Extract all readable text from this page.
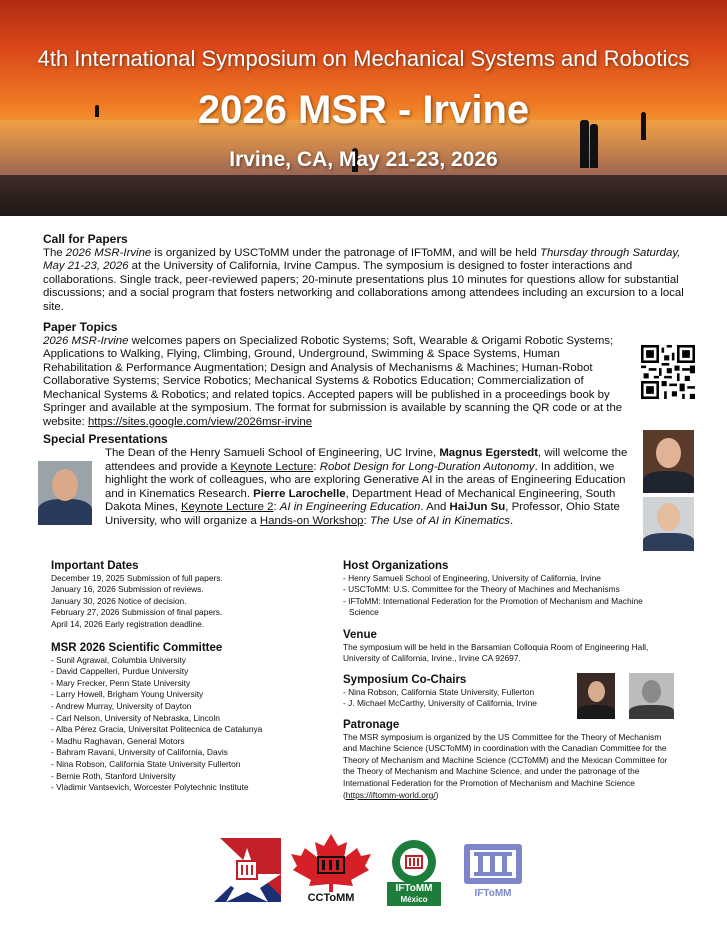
4th International Symposium on Mechanical Systems and Robotics
2026 MSR - Irvine
Irvine, CA, May 21-23, 2026
Call for Papers

The 2026 MSR-Irvine is organized by USCToMM under the patronage of IFToMM, and will be held Thursday through Saturday, May 21-23, 2026 at the University of California, Irvine Campus. The symposium is designed to foster interactions and collaborations. Single track, peer-reviewed papers; 20-minute presentations plus 10 minutes for questions allow for substantial discussions; and a social program that fosters networking and collaborations among attendees including an excursion to a local site.

Paper Topics

2026 MSR-Irvine welcomes papers on Specialized Robotic Systems; Soft, Wearable & Origami Robotic Systems; Applications to Walking, Flying, Climbing, Ground, Underground, Swimming & Space Systems, Human Rehabilitation & Performance Augmentation; Design and Analysis of Mechanisms & Machines; Human-Robot Collaborative Systems; Service Robotics; Mechanical Systems & Robotics Education; Commercialization of Mechanical Systems & Robotics; and related topics. Accepted papers will be published in a proceedings book by Springer and available at the symposium. The format for submission is available by scanning the QR code or at the website: https://sites.google.com/view/2026msr-irvine

Special Presentations

The Dean of the Henry Samueli School of Engineering, UC Irvine, Magnus Egerstedt, will welcome the attendees and provide a Keynote Lecture: Robot Design for Long-Duration Autonomy. In addition, we highlight the work of colleagues, who are exploring Generative AI in the areas of Engineering Education and in Kinematics Research. Pierre Larochelle, Department Head of Mechanical Engineering, South Dakota Mines, Keynote Lecture 2: AI in Engineering Education. And HaiJun Su, Professor, Ohio State University, who will organize a Hands-on Workshop: The Use of AI in Kinematics.

Important Dates
December 19, 2025 Submission of full papers.
January 16, 2026 Submission of reviews.
January 30, 2026 Notice of decision.
February 27, 2026 Submission of final papers.
April 14, 2026 Early registration deadline.
MSR 2026 Scientific Committee
- Sunil Agrawal, Columbia University
- David Cappelleri, Purdue University
- Mary Frecker, Penn State University
- Larry Howell, Brigham Young University
- Andrew Murray, University of Dayton
- Carl Nelson, University of Nebraska, Lincoln
- Alba Pérez Gracia, Universitat Politecnica de Catalunya
- Madhu Raghavan, General Motors
- Bahram Ravani, University of California, Davis
- Nina Robson, California State University Fullerton
- Bernie Roth, Stanford University
- Vladimir Vantsevich, Worcester Polytechnic Institute
Host Organizations
- Henry Samueli School of Engineering, University of California, Irvine
- USCToMM: U.S. Committee for the Theory of Machines and Mechanisms
- IFToMM: International Federation for the Promotion of Mechanism and Machine Science
Venue

The symposium will be held in the Barsamian Colloquia Room of Engineering Hall, University of California, Irvine., Irvine CA 92697.

Symposium Co-Chairs
- Nina Robson, California State University, Fullerton
- J. Michael McCarthy, University of California, Irvine
Patronage

The MSR symposium is organized by the US Committee for the Theory of Mechanism and Machine Science (USCToMM) in coordination with the Canadian Committee for the Theory of Mechanism and Machine Science (CCToMM) and the Mexican Committee for the Theory of Mechanism and Machine Science, and under the patronage of the International Federation for the Promotion of Mechanism and Machine Science (https://iftomm-world.org/)

USCToMM
CCToMM
IFToMM
México
IFToMM
